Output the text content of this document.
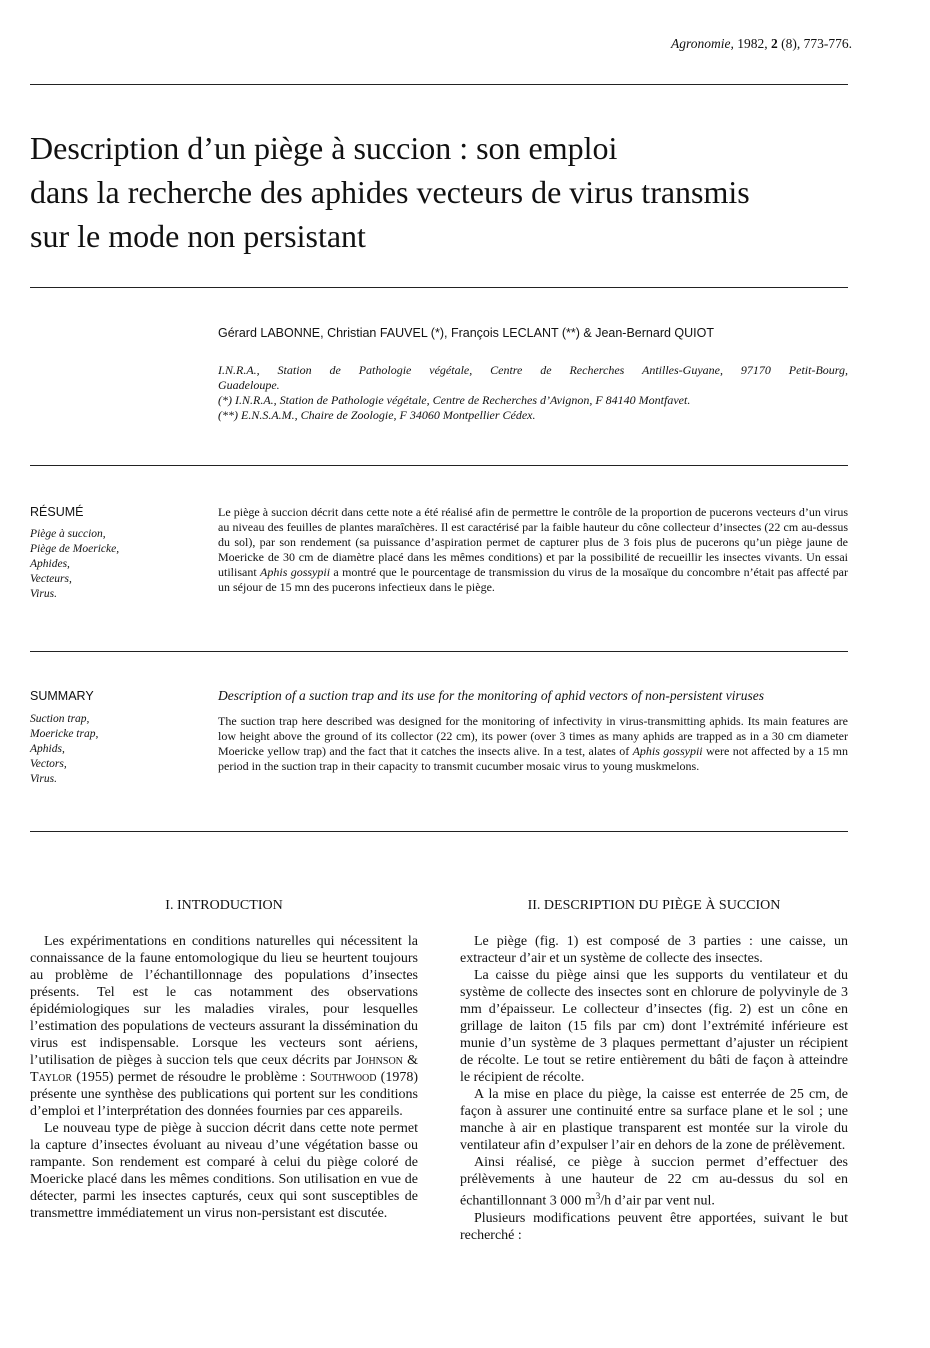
Agronomie, 1982, 2 (8), 773-776.
Description d’un piège à succion : son emploi
dans la recherche des aphides vecteurs de virus transmis
sur le mode non persistant
Gérard LABONNE, Christian FAUVEL (*), François LECLANT (**) & Jean-Bernard QUIOT
I.N.R.A., Station de Pathologie végétale, Centre de Recherches Antilles-Guyane, 97170 Petit-Bourg,
Guadeloupe.
(*) I.N.R.A., Station de Pathologie végétale, Centre de Recherches d’Avignon, F 84140 Montfavet.
(**) E.N.S.A.M., Chaire de Zoologie, F 34060 Montpellier Cédex.
RÉSUMÉ
Piège à succion,
Piège de Moericke,
Aphides,
Vecteurs,
Virus.
Le piège à succion décrit dans cette note a été réalisé afin de permettre le contrôle de la proportion de pucerons vecteurs d’un virus au niveau des feuilles de plantes maraîchères. Il est caractérisé par la faible hauteur du cône collecteur d’insectes (22 cm au-dessus du sol), par son rendement (sa puissance d’aspiration permet de capturer plus de 3 fois plus de pucerons qu’un piège jaune de Moericke de 30 cm de diamètre placé dans les mêmes conditions) et par la possibilité de recueillir les insectes vivants. Un essai utilisant Aphis gossypii a montré que le pourcentage de transmission du virus de la mosaïque du concombre n’était pas affecté par un séjour de 15 mn des pucerons infectieux dans le piège.
SUMMARY
Suction trap,
Moericke trap,
Aphids,
Vectors,
Virus.
Description of a suction trap and its use for the monitoring of aphid vectors of non-persistent viruses
The suction trap here described was designed for the monitoring of infectivity in virus-transmitting aphids. Its main features are low height above the ground of its collector (22 cm), its power (over 3 times as many aphids are trapped as in a 30 cm diameter Moericke yellow trap) and the fact that it catches the insects alive. In a test, alates of Aphis gossypii were not affected by a 15 mn period in the suction trap in their capacity to transmit cucumber mosaic virus to young muskmelons.
I. INTRODUCTION	II. DESCRIPTION DU PIÈGE À SUCCION

Les expérimentations en conditions naturelles qui nécessitent la connaissance de la faune entomologique du lieu se heurtent toujours au problème de l’échantillonnage des populations d’insectes présents. Tel est le cas notamment des observations épidémiologiques sur les maladies virales, pour lesquelles l’estimation des populations de vecteurs assurant la dissémination du virus est indispensable. Lorsque les vecteurs sont aériens, l’utilisation de pièges à succion tels que ceux décrits par Johnson & Taylor (1955) permet de résoudre le problème : Southwood (1978) présente une synthèse des publications qui portent sur les conditions d’emploi et l’interprétation des données fournies par ces appareils.

Le nouveau type de piège à succion décrit dans cette note permet la capture d’insectes évoluant au niveau d’une végétation basse ou rampante. Son rendement est comparé à celui du piège coloré de Moericke placé dans les mêmes conditions. Son utilisation en vue de détecter, parmi les insectes capturés, ceux qui sont susceptibles de transmettre immédiatement un virus non-persistant est discutée.

Le piège (fig. 1) est composé de 3 parties : une caisse, un extracteur d’air et un système de collecte des insectes.

La caisse du piège ainsi que les supports du ventilateur et du système de collecte des insectes sont en chlorure de polyvinyle de 3 mm d’épaisseur. Le collecteur d’insectes (fig. 2) est un cône en grillage de laiton (15 fils par cm) dont l’extrémité inférieure est munie d’un système de 3 plaques permettant d’ajuster un récipient de récolte. Le tout se retire entièrement du bâti de façon à atteindre le récipient de récolte.

A la mise en place du piège, la caisse est enterrée de 25 cm, de façon à assurer une continuité entre sa surface plane et le sol ; une manche à air en plastique transparent est montée sur la virole du ventilateur afin d’expulser l’air en dehors de la zone de prélèvement.

Ainsi réalisé, ce piège à succion permet d’effectuer des prélèvements à une hauteur de 22 cm au-dessus du sol en échantillonnant 3 000 $m^3/h$ d’air par vent nul.

Plusieurs modifications peuvent être apportées, suivant le but recherché :
